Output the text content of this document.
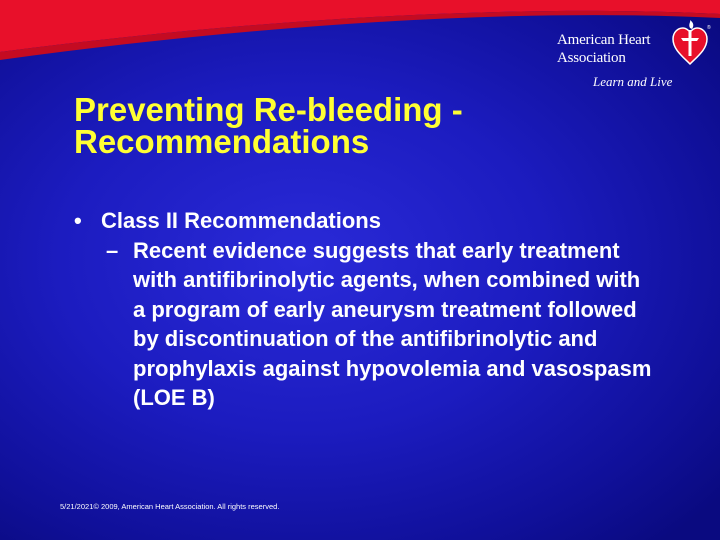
American Heart
Association
Learn and Live
®
Preventing Re-bleeding -
Recommendations
• Class II Recommendations
– Recent evidence suggests that early treatment with antifibrinolytic agents, when combined with a program of early aneurysm treatment followed by discontinuation of the antifibrinolytic and prophylaxis against hypovolemia and vasospasm (LOE B)
5/21/2021© 2009, American Heart Association. All rights reserved.
